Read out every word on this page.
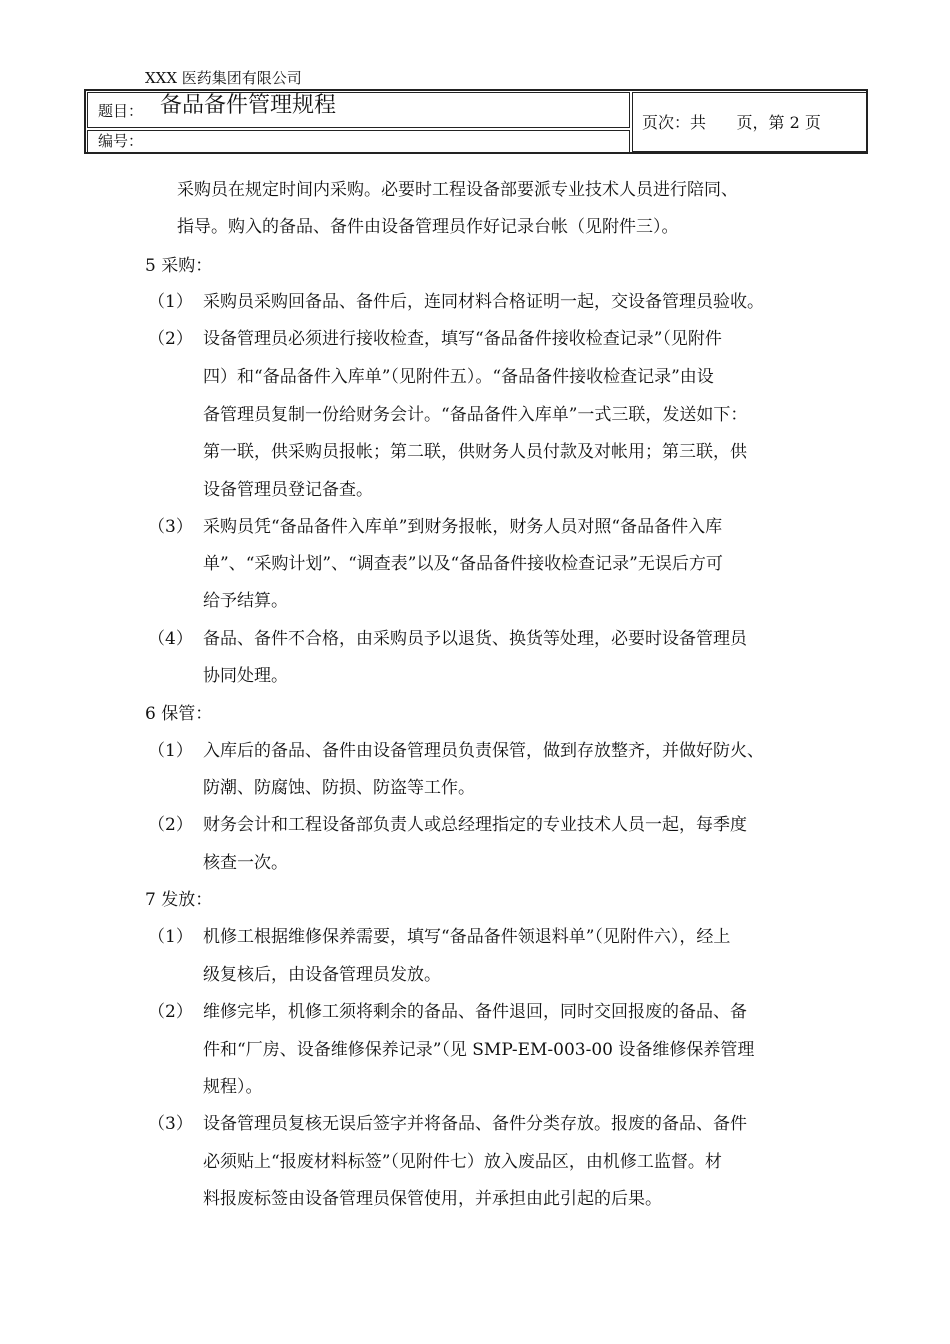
XXX 医药集团有限公司
题目： 备品备件管理规程
编号：
页次：共      页，第 2 页
采购员在规定时间内采购。必要时工程设备部要派专业技术人员进行陪同、
指导。购入的备品、备件由设备管理员作好记录台帐（见附件三）。
5 采购：
（1） 采购员采购回备品、备件后，连同材料合格证明一起，交设备管理员验收。
（2） 设备管理员必须进行接收检查，填写“备品备件接收检查记录”（见附件
四）和“备品备件入库单”（见附件五）。“备品备件接收检查记录”由设
备管理员复制一份给财务会计。“备品备件入库单”一式三联，发送如下：
第一联，供采购员报帐；第二联，供财务人员付款及对帐用；第三联，供
设备管理员登记备查。
（3） 采购员凭“备品备件入库单”到财务报帐，财务人员对照“备品备件入库
单”、“采购计划”、“调查表”以及“备品备件接收检查记录”无误后方可
给予结算。
（4） 备品、备件不合格，由采购员予以退货、换货等处理，必要时设备管理员
协同处理。
6 保管：
（1） 入库后的备品、备件由设备管理员负责保管，做到存放整齐，并做好防火、
防潮、防腐蚀、防损、防盗等工作。
（2） 财务会计和工程设备部负责人或总经理指定的专业技术人员一起，每季度
核查一次。
7 发放：
（1） 机修工根据维修保养需要，填写“备品备件领退料单”（见附件六），经上
级复核后，由设备管理员发放。
（2） 维修完毕，机修工须将剩余的备品、备件退回，同时交回报废的备品、备
件和“厂房、设备维修保养记录”（见 SMP-EM-003-00 设备维修保养管理
规程）。
（3） 设备管理员复核无误后签字并将备品、备件分类存放。报废的备品、备件
必须贴上“报废材料标签”（见附件七）放入废品区，由机修工监督。材
料报废标签由设备管理员保管使用，并承担由此引起的后果。
